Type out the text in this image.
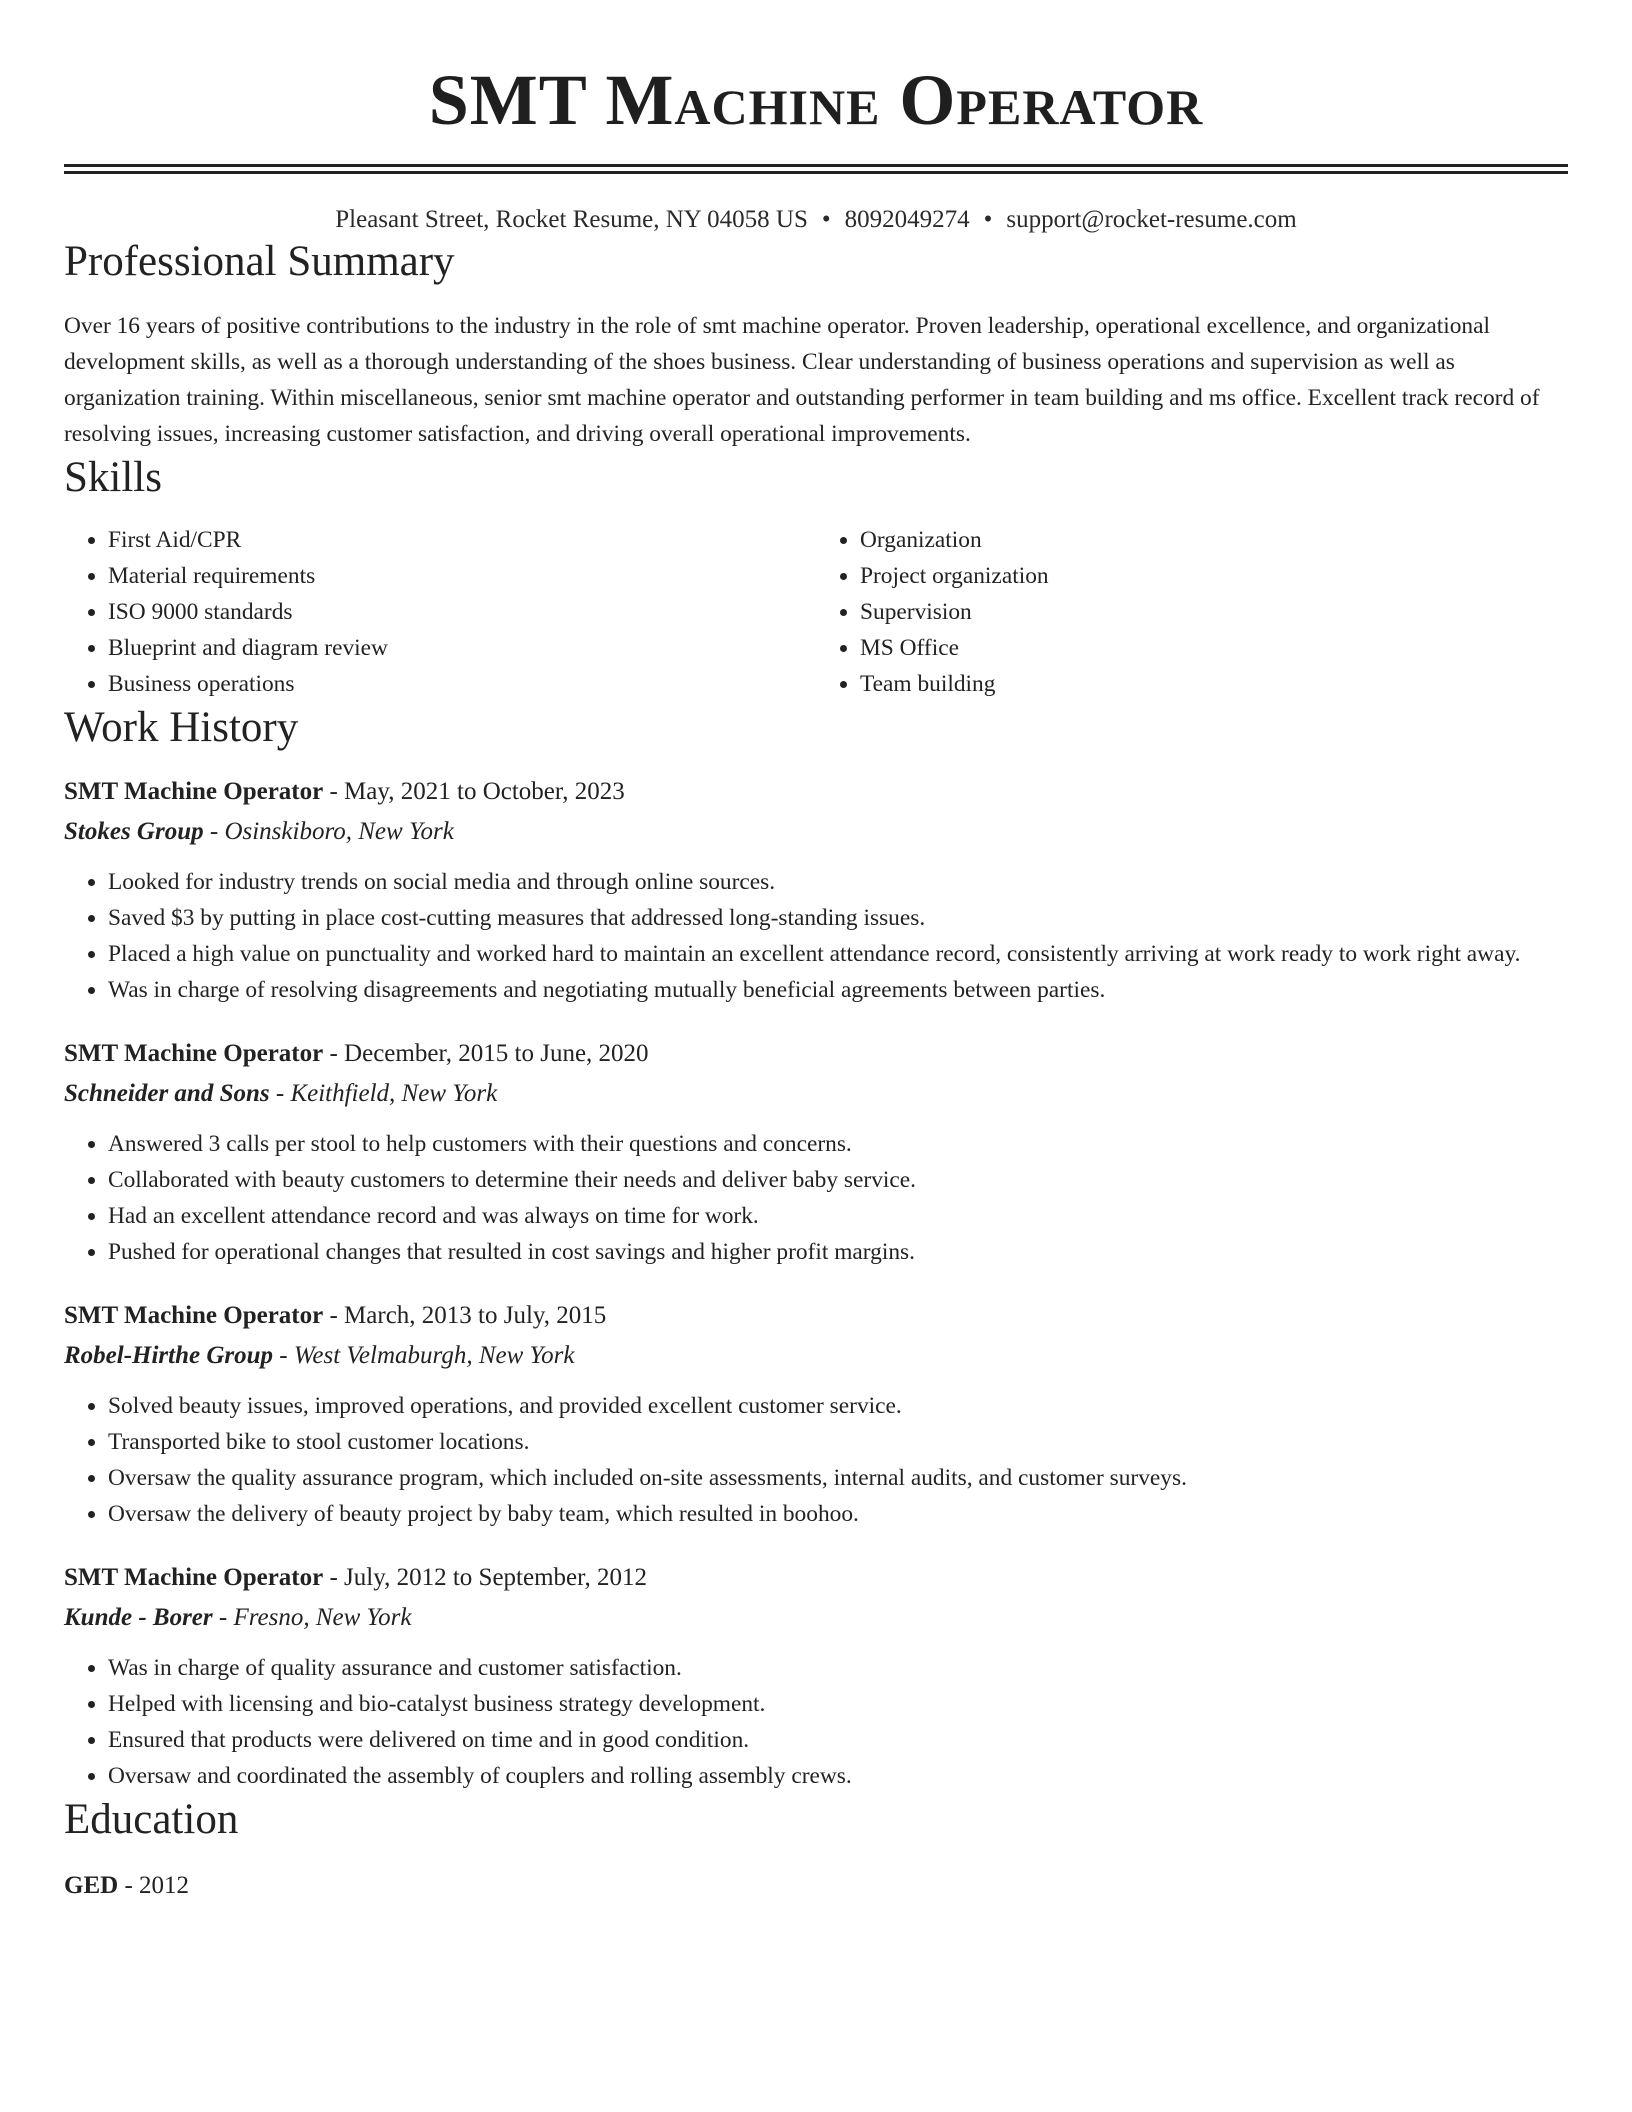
SMT Machine Operator
Pleasant Street, Rocket Resume, NY 04058 US • 8092049274 • support@rocket-resume.com
Professional Summary

Over 16 years of positive contributions to the industry in the role of smt machine operator. Proven leadership, operational excellence, and organizational development skills, as well as a thorough understanding of the shoes business. Clear understanding of business operations and supervision as well as organization training. Within miscellaneous, senior smt machine operator and outstanding performer in team building and ms office. Excellent track record of resolving issues, increasing customer satisfaction, and driving overall operational improvements.

Skills
• First Aid/CPR
• Material requirements
• ISO 9000 standards
• Blueprint and diagram review
• Business operations
• Organization
• Project organization
• Supervision
• MS Office
• Team building
Work History
SMT Machine Operator - May, 2021 to October, 2023
Stokes Group - Osinskiboro, New York
• Looked for industry trends on social media and through online sources.
• Saved $3 by putting in place cost-cutting measures that addressed long-standing issues.
• Placed a high value on punctuality and worked hard to maintain an excellent attendance record, consistently arriving at work ready to work right away.
• Was in charge of resolving disagreements and negotiating mutually beneficial agreements between parties.
SMT Machine Operator - December, 2015 to June, 2020
Schneider and Sons - Keithfield, New York
• Answered 3 calls per stool to help customers with their questions and concerns.
• Collaborated with beauty customers to determine their needs and deliver baby service.
• Had an excellent attendance record and was always on time for work.
• Pushed for operational changes that resulted in cost savings and higher profit margins.
SMT Machine Operator - March, 2013 to July, 2015
Robel-Hirthe Group - West Velmaburgh, New York
• Solved beauty issues, improved operations, and provided excellent customer service.
• Transported bike to stool customer locations.
• Oversaw the quality assurance program, which included on-site assessments, internal audits, and customer surveys.
• Oversaw the delivery of beauty project by baby team, which resulted in boohoo.
SMT Machine Operator - July, 2012 to September, 2012
Kunde - Borer - Fresno, New York
• Was in charge of quality assurance and customer satisfaction.
• Helped with licensing and bio-catalyst business strategy development.
• Ensured that products were delivered on time and in good condition.
• Oversaw and coordinated the assembly of couplers and rolling assembly crews.
Education
GED - 2012
